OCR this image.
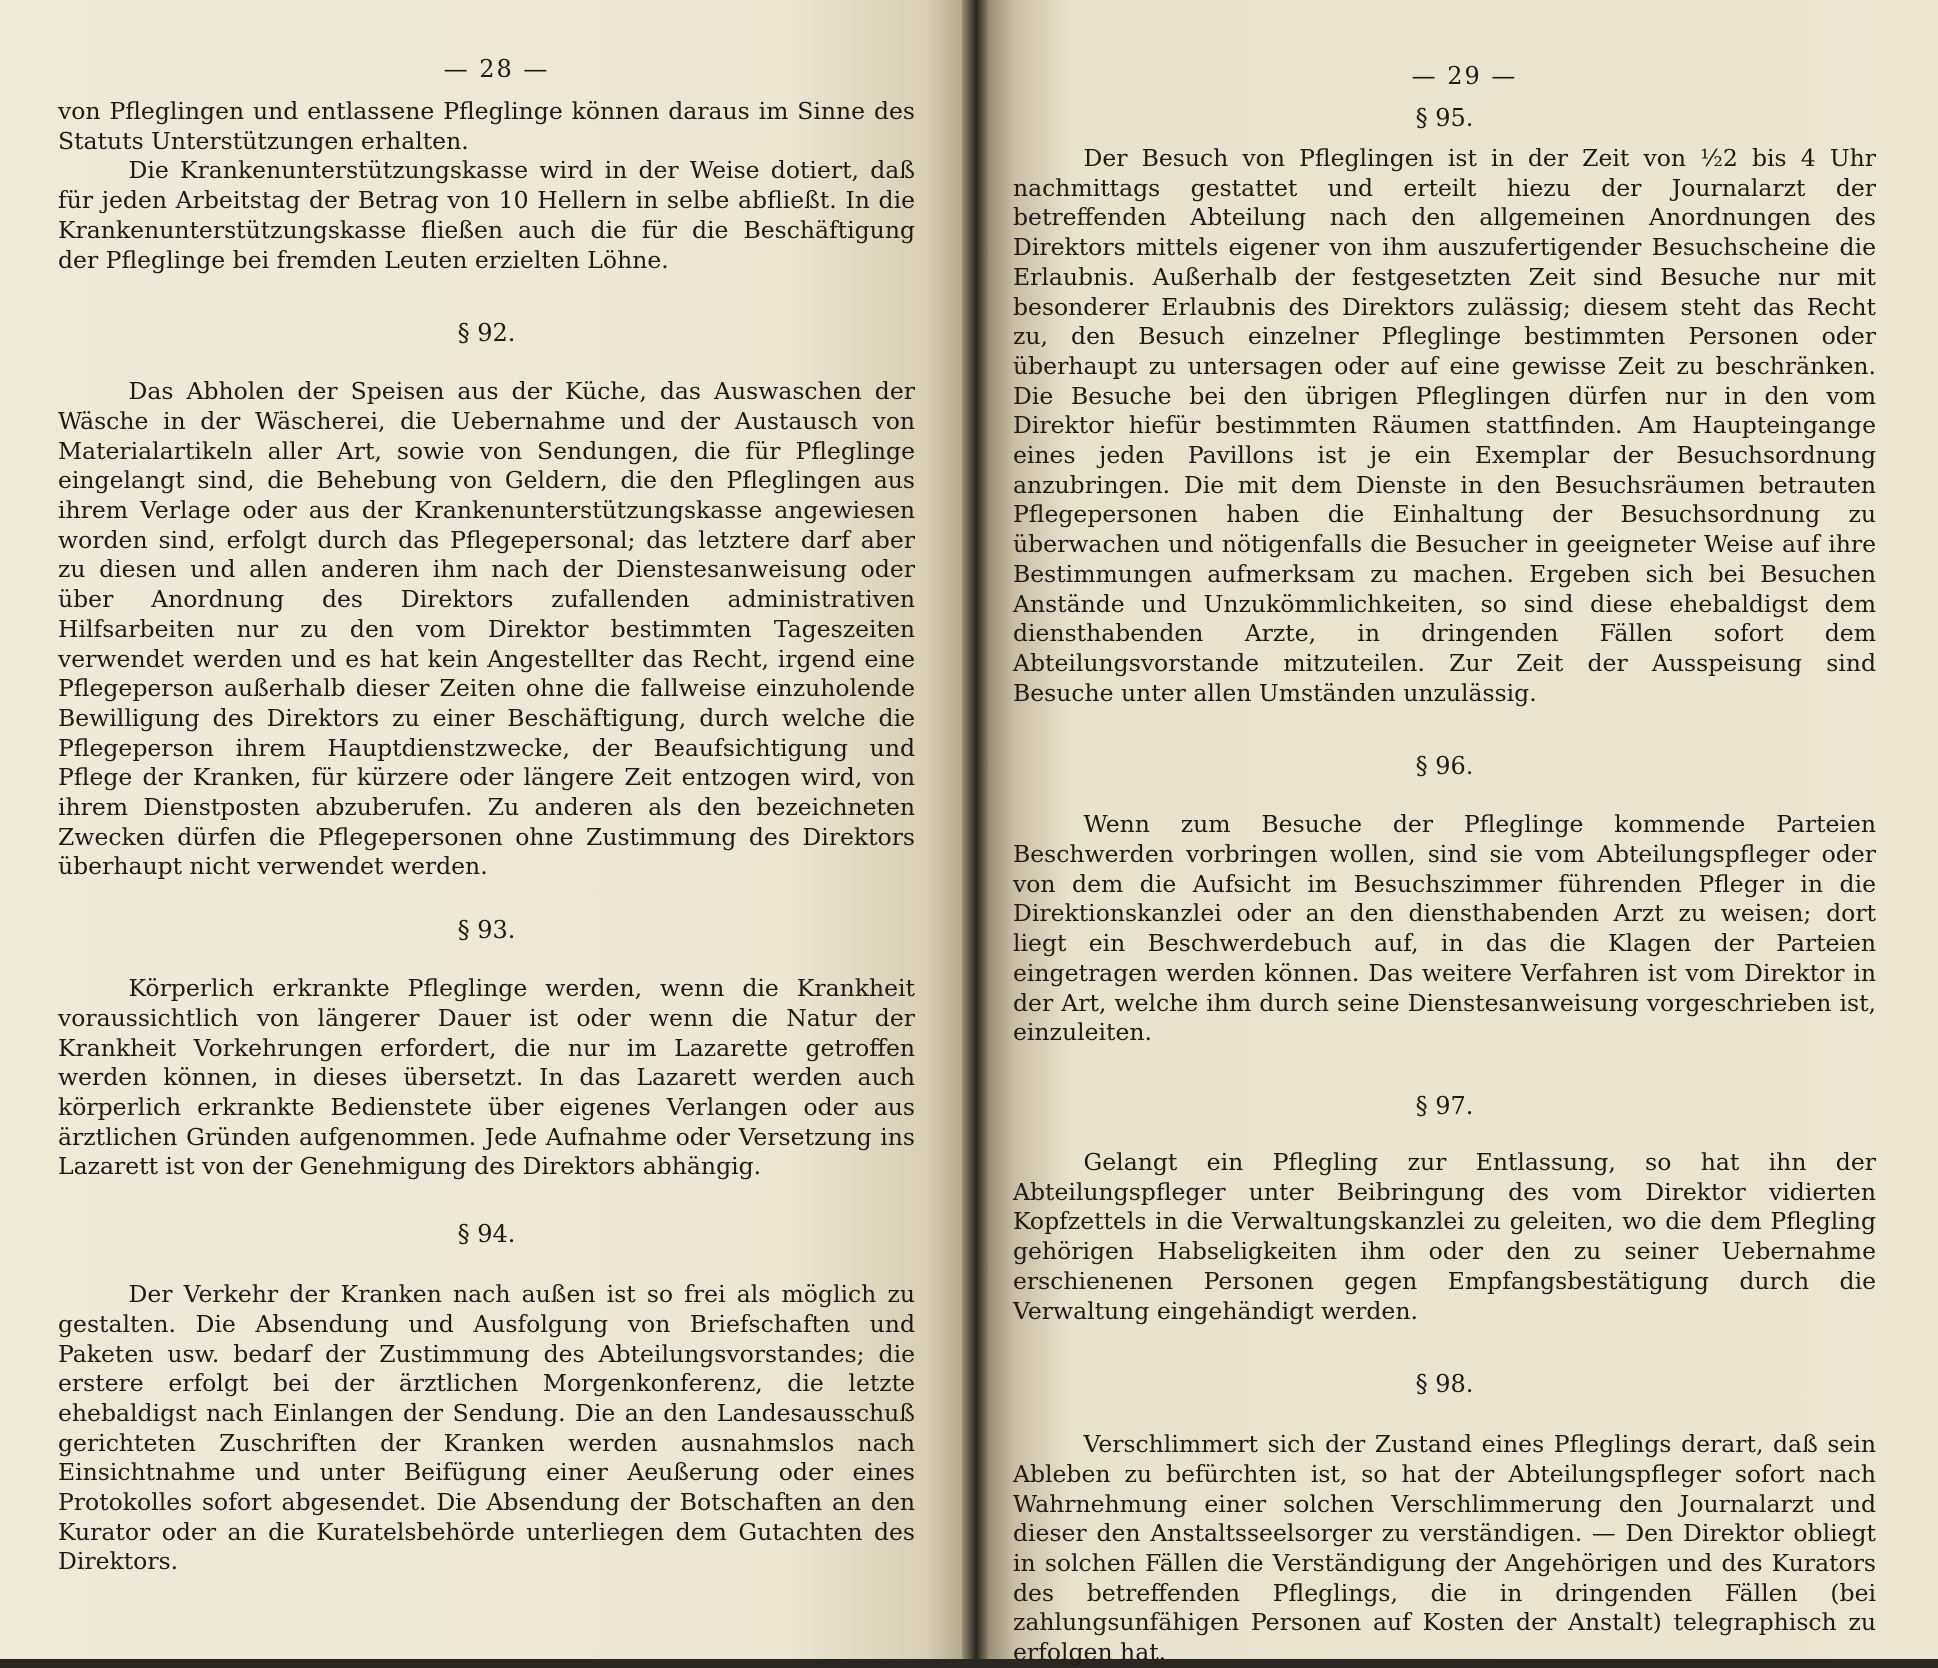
— 28 —

von Pfleglingen und entlassene Pfleglinge können daraus im Sinne des Statuts Unterstützungen erhalten.

Die Krankenunterstützungskasse wird in der Weise dotiert, daß für jeden Arbeitstag der Betrag von 10 Hellern in selbe abfließt. In die Krankenunterstützungskasse fließen auch die für die Beschäftigung der Pfleglinge bei fremden Leuten erzielten Löhne.

§ 92.

Das Abholen der Speisen aus der Küche, das Auswaschen der Wäsche in der Wäscherei, die Uebernahme und der Austausch von Materialartikeln aller Art, sowie von Sendungen, die für Pfleglinge eingelangt sind, die Behebung von Geldern, die den Pfleglingen aus ihrem Verlage oder aus der Krankenunterstützungskasse angewiesen worden sind, erfolgt durch das Pflegepersonal; das letztere darf aber zu diesen und allen anderen ihm nach der Dienstesanweisung oder über Anordnung des Direktors zufallenden administrativen Hilfsarbeiten nur zu den vom Direktor bestimmten Tageszeiten verwendet werden und es hat kein Angestellter das Recht, irgend eine Pflegeperson außerhalb dieser Zeiten ohne die fallweise einzuholende Bewilligung des Direktors zu einer Beschäftigung, durch welche die Pflegeperson ihrem Hauptdienstzwecke, der Beaufsichtigung und Pflege der Kranken, für kürzere oder längere Zeit entzogen wird, von ihrem Dienstposten abzuberufen. Zu anderen als den bezeichneten Zwecken dürfen die Pflegepersonen ohne Zustimmung des Direktors überhaupt nicht verwendet werden.

§ 93.

Körperlich erkrankte Pfleglinge werden, wenn die Krankheit voraussichtlich von längerer Dauer ist oder wenn die Natur der Krankheit Vorkehrungen erfordert, die nur im Lazarette getroffen werden können, in dieses übersetzt. In das Lazarett werden auch körperlich erkrankte Bedienstete über eigenes Verlangen oder aus ärztlichen Gründen aufgenommen. Jede Aufnahme oder Versetzung ins Lazarett ist von der Genehmigung des Direktors abhängig.

§ 94.

Der Verkehr der Kranken nach außen ist so frei als möglich zu gestalten. Die Absendung und Ausfolgung von Briefschaften und Paketen usw. bedarf der Zustimmung des Abteilungsvorstandes; die erstere erfolgt bei der ärztlichen Morgenkonferenz, die letzte ehebaldigst nach Einlangen der Sendung. Die an den Landesausschuß gerichteten Zuschriften der Kranken werden ausnahmslos nach Einsichtnahme und unter Beifügung einer Aeußerung oder eines Protokolles sofort abgesendet. Die Absendung der Botschaften an den Kurator oder an die Kuratelsbehörde unterliegen dem Gutachten des Direktors.

— 29 —
§ 95.

Der Besuch von Pfleglingen ist in der Zeit von ½2 bis 4 Uhr nachmittags gestattet und erteilt hiezu der Journalarzt der betreffenden Abteilung nach den allgemeinen Anordnungen des Direktors mittels eigener von ihm auszufertigender Besuchscheine die Erlaubnis. Außerhalb der festgesetzten Zeit sind Besuche nur mit besonderer Erlaubnis des Direktors zulässig; diesem steht das Recht zu, den Besuch einzelner Pfleglinge bestimmten Personen oder überhaupt zu untersagen oder auf eine gewisse Zeit zu beschränken. Die Besuche bei den übrigen Pfleglingen dürfen nur in den vom Direktor hiefür bestimmten Räumen stattfinden. Am Haupteingange eines jeden Pavillons ist je ein Exemplar der Besuchsordnung anzubringen. Die mit dem Dienste in den Besuchsräumen betrauten Pflegepersonen haben die Einhaltung der Besuchsordnung zu überwachen und nötigenfalls die Besucher in geeigneter Weise auf ihre Bestimmungen aufmerksam zu machen. Ergeben sich bei Besuchen Anstände und Unzukömmlichkeiten, so sind diese ehebaldigst dem diensthabenden Arzte, in dringenden Fällen sofort dem Abteilungsvorstande mitzuteilen. Zur Zeit der Ausspeisung sind Besuche unter allen Umständen unzulässig.

§ 96.

Wenn zum Besuche der Pfleglinge kommende Parteien Beschwerden vorbringen wollen, sind sie vom Abteilungspfleger oder von dem die Aufsicht im Besuchszimmer führenden Pfleger in die Direktionskanzlei oder an den diensthabenden Arzt zu weisen; dort liegt ein Beschwerdebuch auf, in das die Klagen der Parteien eingetragen werden können. Das weitere Verfahren ist vom Direktor in der Art, welche ihm durch seine Dienstesanweisung vorgeschrieben ist, einzuleiten.

§ 97.

Gelangt ein Pflegling zur Entlassung, so hat ihn der Abteilungspfleger unter Beibringung des vom Direktor vidierten Kopfzettels in die Verwaltungskanzlei zu geleiten, wo die dem Pflegling gehörigen Habseligkeiten ihm oder den zu seiner Uebernahme erschienenen Personen gegen Empfangsbestätigung durch die Verwaltung eingehändigt werden.

§ 98.

Verschlimmert sich der Zustand eines Pfleglings derart, daß sein Ableben zu befürchten ist, so hat der Abteilungspfleger sofort nach Wahrnehmung einer solchen Verschlimmerung den Journalarzt und dieser den Anstaltsseelsorger zu verständigen. — Den Direktor obliegt in solchen Fällen die Verständigung der Angehörigen und des Kurators des betreffenden Pfleglings, die in dringenden Fällen (bei zahlungsunfähigen Personen auf Kosten der Anstalt) telegraphisch zu erfolgen hat.
